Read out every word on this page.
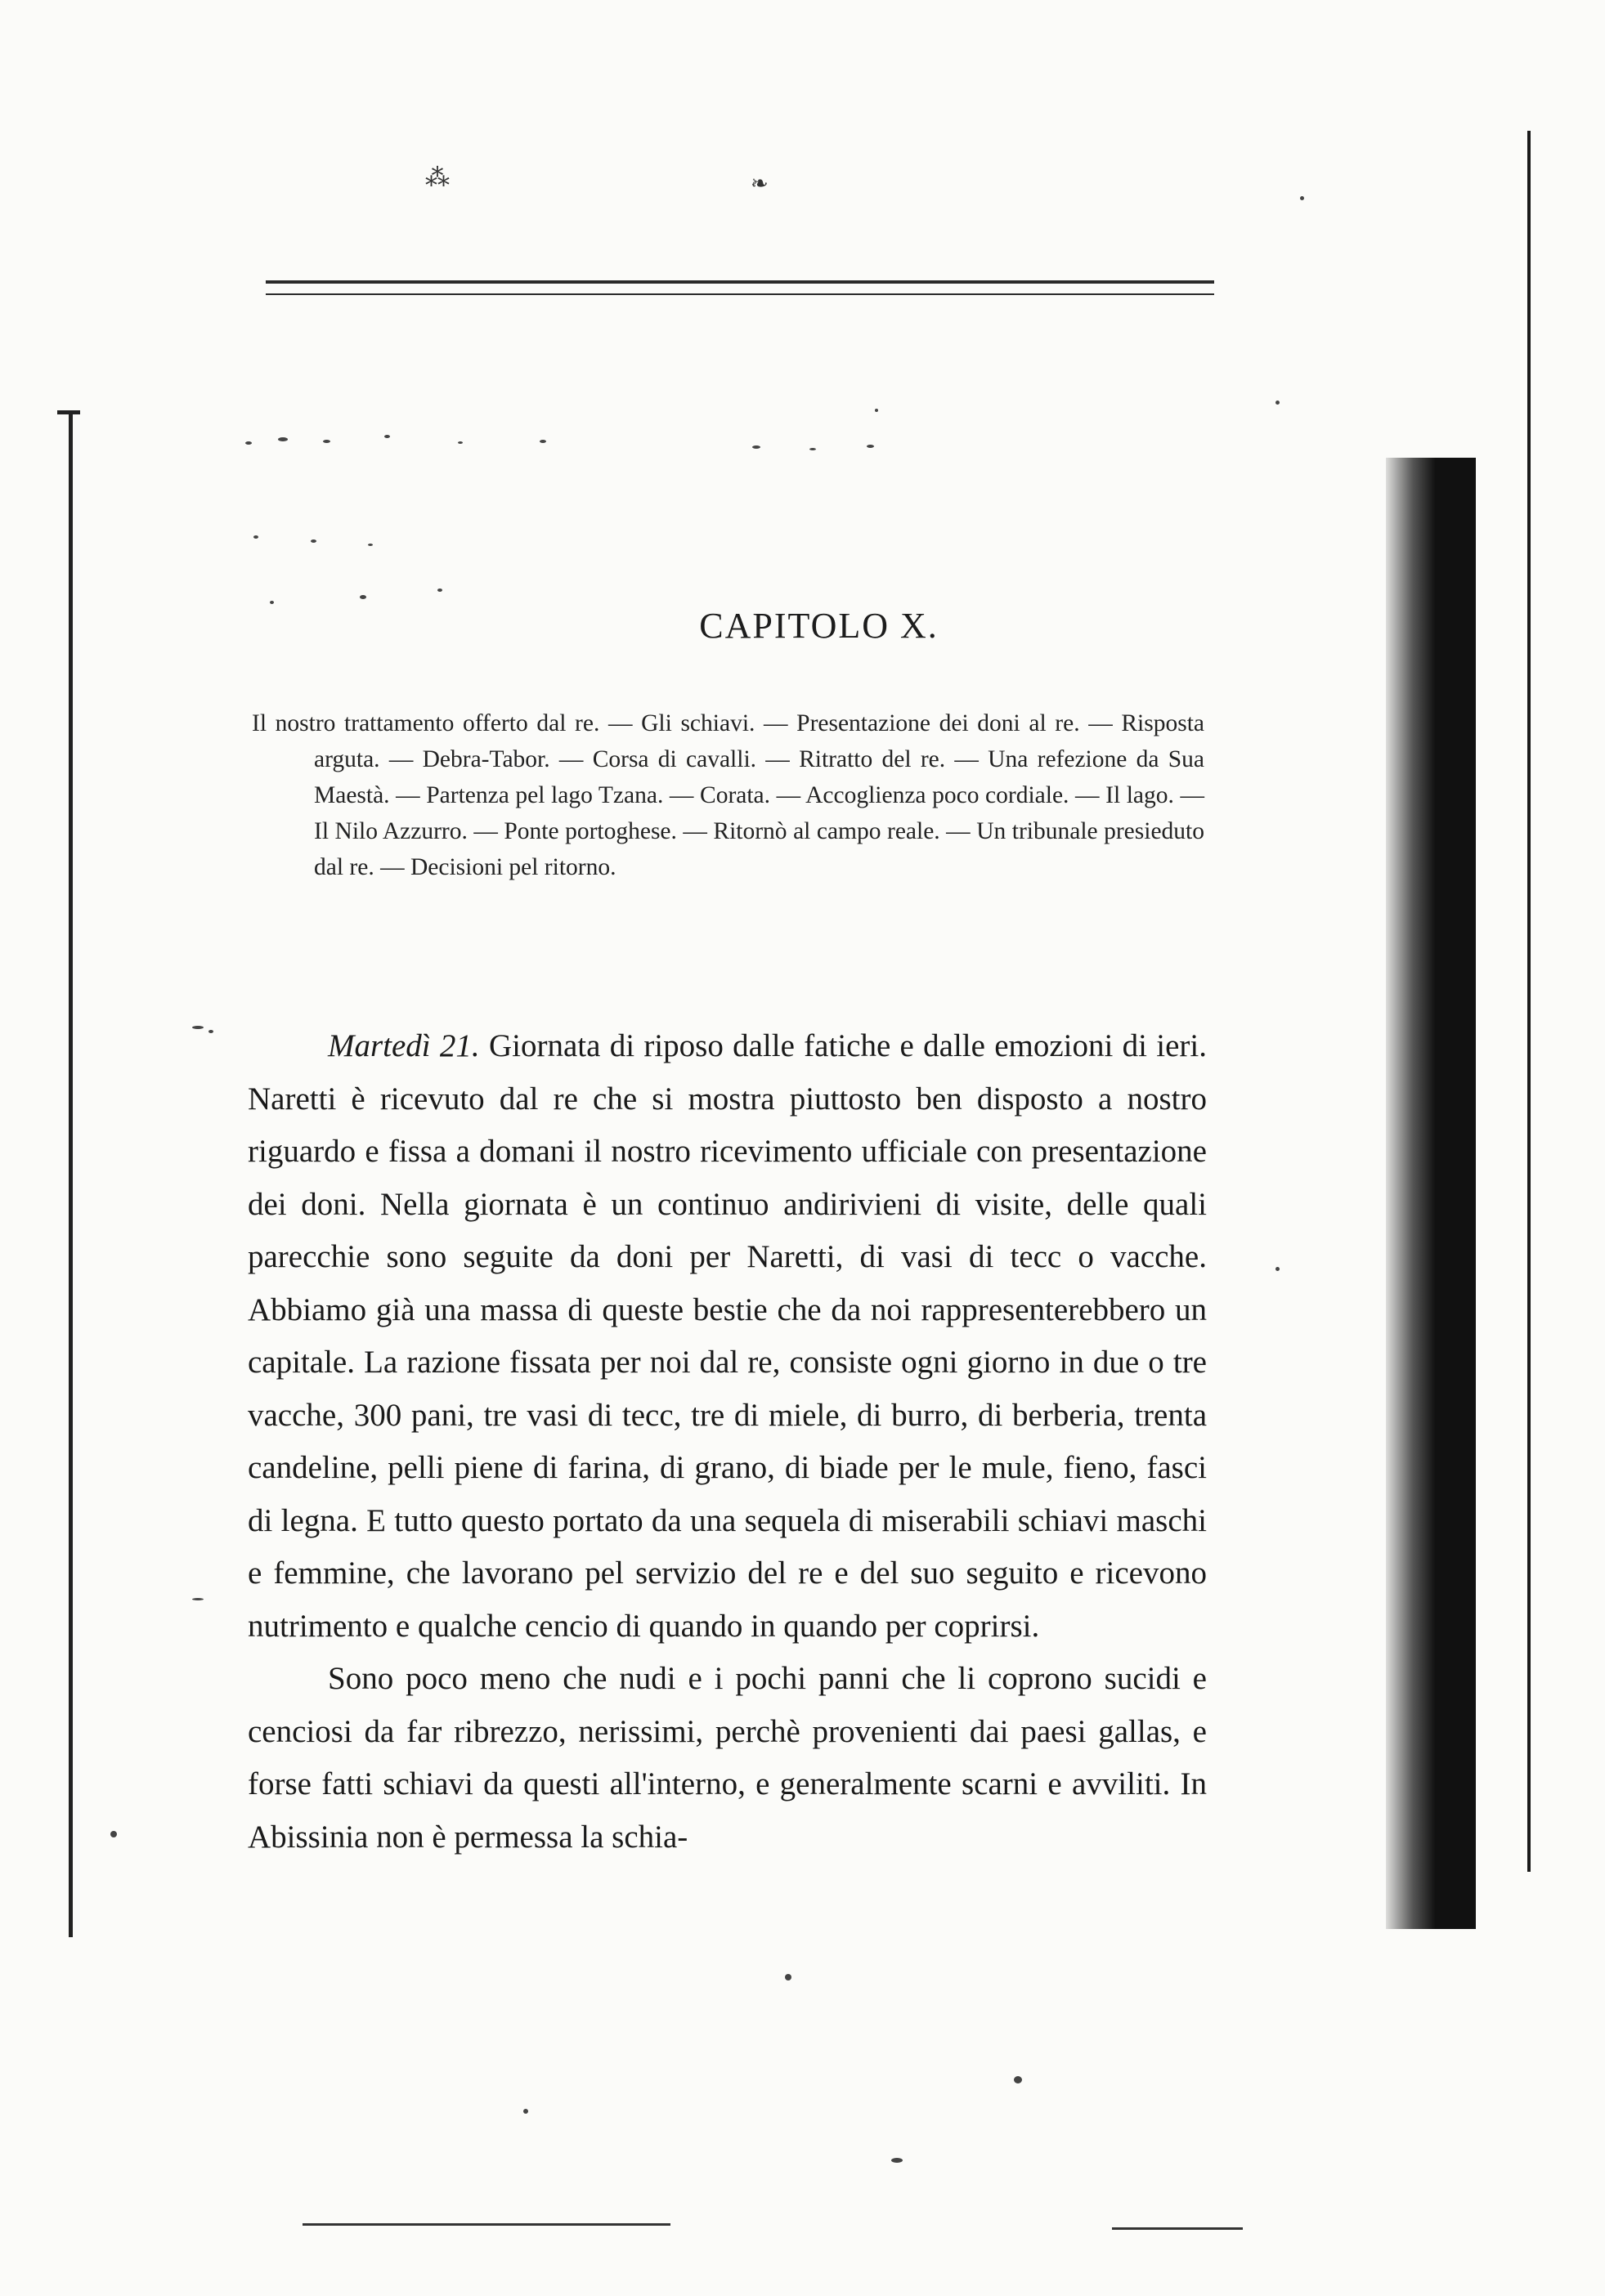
⁂	❧
CAPITOLO X.
Il nostro trattamento offerto dal re. — Gli schiavi. — Presentazione dei doni al re. — Risposta arguta. — Debra-Tabor. — Corsa di cavalli. — Ritratto del re. — Una refezione da Sua Maestà. — Partenza pel lago Tzana. — Corata. — Accoglienza poco cordiale. — Il lago. — Il Nilo Azzurro. — Ponte portoghese. — Ritornò al campo reale. — Un tribunale presieduto dal re. — Decisioni pel ritorno.

Martedì 21. Giornata di riposo dalle fatiche e dalle emozioni di ieri. Naretti è ricevuto dal re che si mostra piuttosto ben disposto a nostro riguardo e fissa a domani il nostro ricevimento ufficiale con presentazione dei doni. Nella giornata è un continuo andirivieni di visite, delle quali parecchie sono seguite da doni per Naretti, di vasi di tecc o vacche. Abbiamo già una massa di queste bestie che da noi rappresenterebbero un capitale. La razione fissata per noi dal re, consiste ogni giorno in due o tre vacche, 300 pani, tre vasi di tecc, tre di miele, di burro, di berberia, trenta candeline, pelli piene di farina, di grano, di biade per le mule, fieno, fasci di legna. E tutto questo portato da una sequela di miserabili schiavi maschi e femmine, che lavorano pel servizio del re e del suo seguito e ricevono nutrimento e qualche cencio di quando in quando per coprirsi.

Sono poco meno che nudi e i pochi panni che li coprono sucidi e cenciosi da far ribrezzo, nerissimi, perchè provenienti dai paesi gallas, e forse fatti schiavi da questi all'interno, e generalmente scarni e avviliti. In Abissinia non è permessa la schia-
